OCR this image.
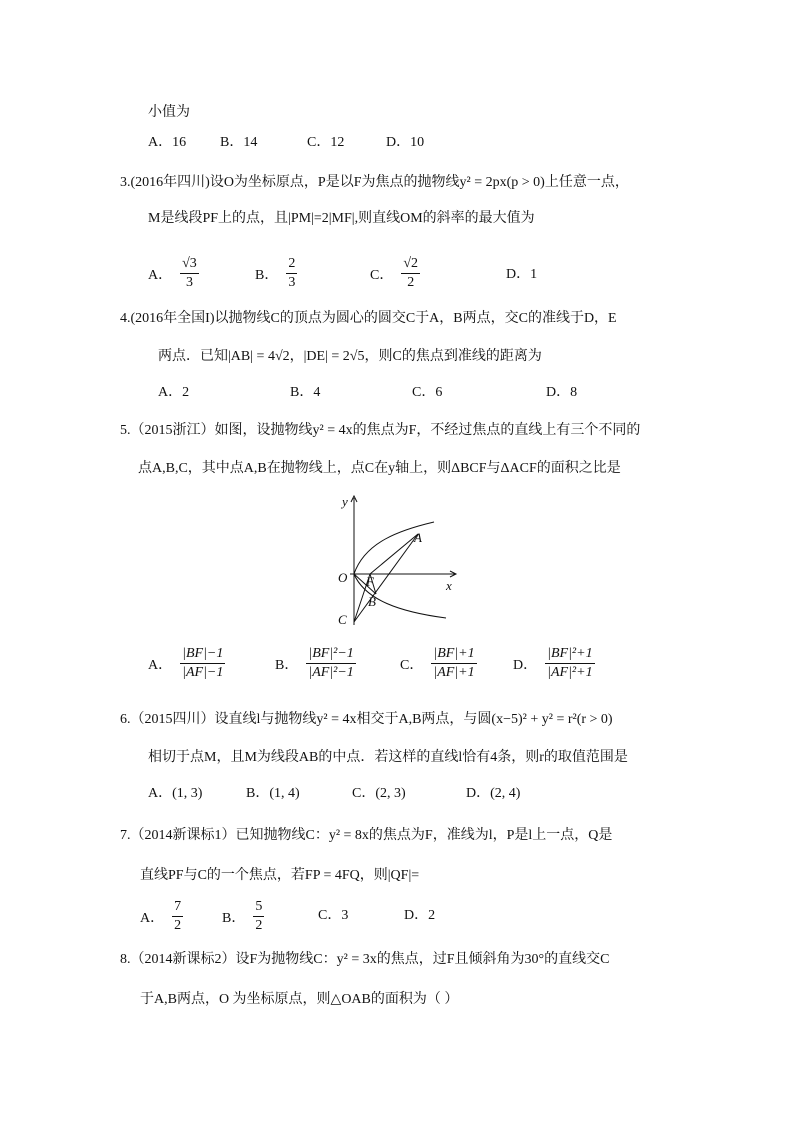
小值为
A．16 B．14	C．12	D．10
3.(2016年四川)设O为坐标原点，P是以F为焦点的抛物线y² = 2px(p > 0)上任意一点，
M是线段PF上的点，且|PM|=2|MF|,则直线OM的斜率的最大值为
A． $\frac{√3}{3}$	B． $\frac{2}{3}$	C． $\frac{√2}{2}$	D．1
4.(2016年全国I)以抛物线C的顶点为圆心的圆交C于A，B两点，交C的准线于D，E
两点．已知|AB| = 4√2，|DE| = 2√5，则C的焦点到准线的距离为
A．2	B．4	C．6	D．8
5.（2015浙江）如图，设抛物线y² = 4x的焦点为F，不经过焦点的直线上有三个不同的
点A,B,C，其中点A,B在抛物线上，点C在y轴上，则ΔBCF与ΔACF的面积之比是
y
x
O F
A
B
C
A． $\frac{|BF|-1}{|AF|-1}$	B． $\frac{\text{|BF|²−1}}{\text{|AF|²−1}}$	C． $\frac{|BF|+1}{|AF|+1}$	D． $\frac{\text{|BF|²+1}}{\text{|AF|²+1}}$
6.（2015四川）设直线l与抛物线y² = 4x相交于A,B两点，与圆(x−5)² + y² = r²(r > 0)
相切于点M，且M为线段AB的中点．若这样的直线l恰有4条，则r的取值范围是
A．(1, 3)	B．(1, 4)	C．(2, 3)	D．(2, 4)
7.（2014新课标1）已知抛物线C：y² = 8x的焦点为F，准线为l，P是l上一点，Q是
直线PF与C的一个焦点，若FP = 4FQ，则|QF|=
A． $\frac{7}{2}$	B． $\frac{5}{2}$	C．3	D．2
8.（2014新课标2）设F为抛物线C：y² = 3x的焦点，过F且倾斜角为30°的直线交C
于A,B两点，O 为坐标原点，则△OAB的面积为（ ）
